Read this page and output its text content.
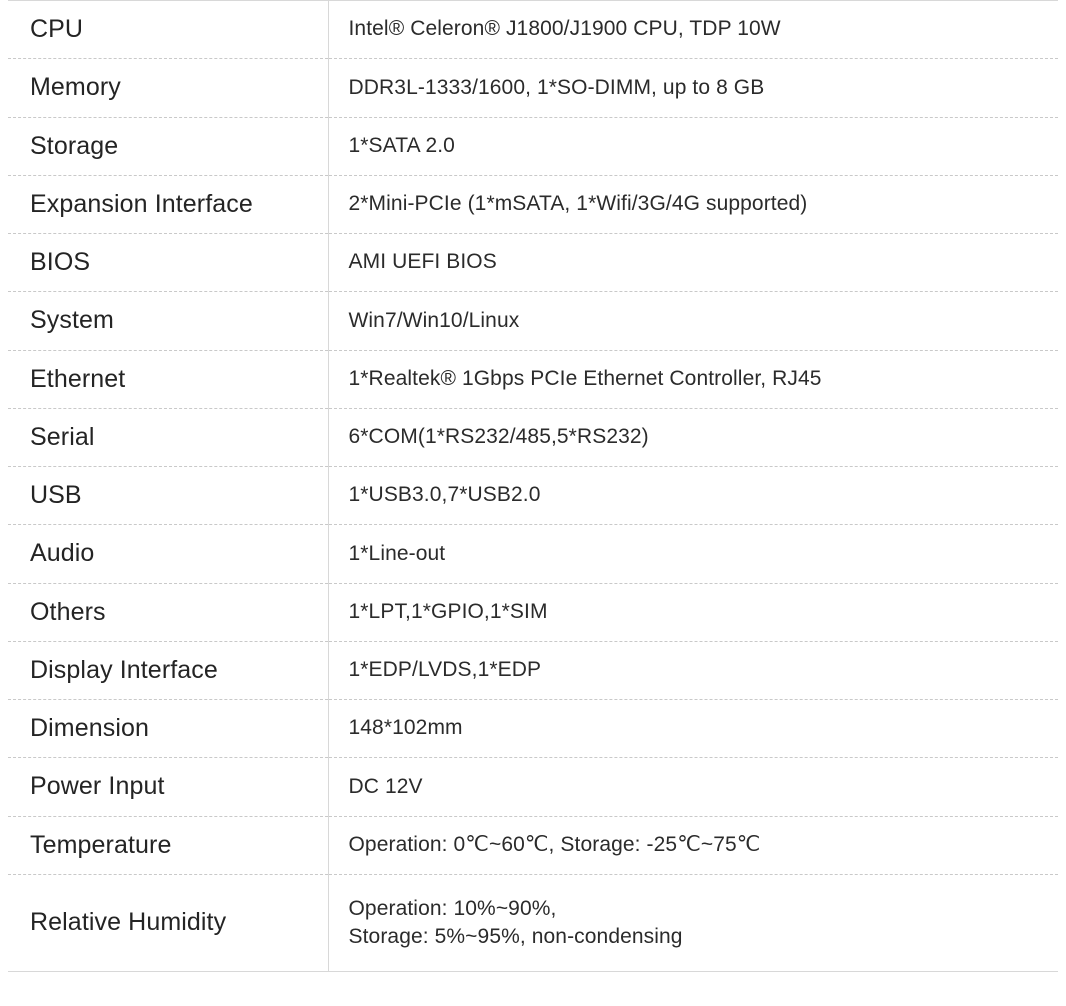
CPU	Intel® Celeron® J1800/J1900 CPU, TDP 10W
Memory	DDR3L-1333/1600, 1*SO-DIMM, up to 8 GB
Storage	1*SATA 2.0
Expansion Interface	2*Mini-PCIe (1*mSATA, 1*Wifi/3G/4G supported)
BIOS	AMI UEFI BIOS
System	Win7/Win10/Linux
Ethernet	1*Realtek® 1Gbps PCIe Ethernet Controller, RJ45
Serial	6*COM(1*RS232/485,5*RS232)
USB	1*USB3.0,7*USB2.0
Audio	1*Line-out
Others	1*LPT,1*GPIO,1*SIM
Display Interface	1*EDP/LVDS,1*EDP
Dimension	148*102mm
Power Input	DC 12V
Temperature	Operation: 0℃~60℃, Storage: -25℃~75℃
Relative Humidity	Operation: 10%~90%,
Storage: 5%~95%, non-condensing
